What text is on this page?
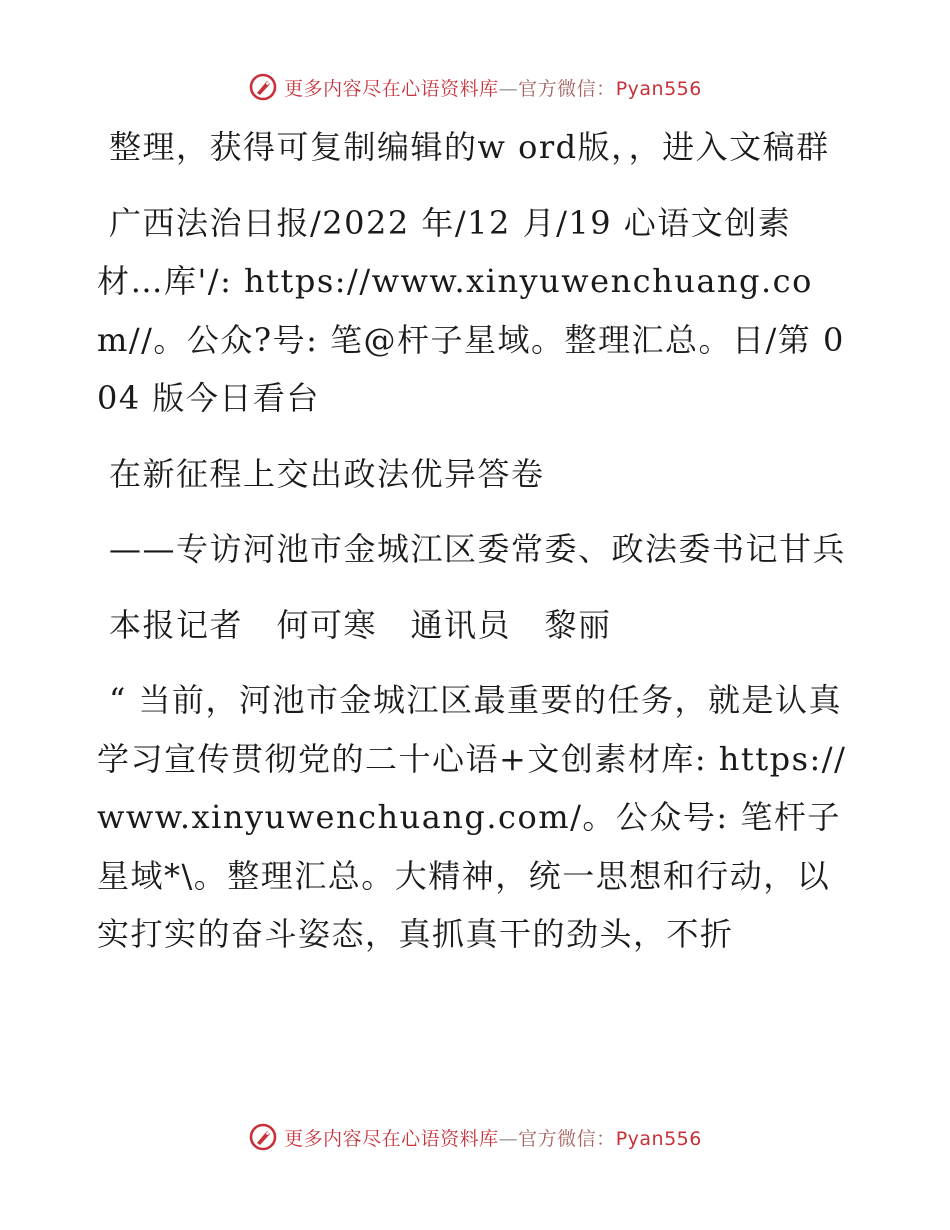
更多内容尽在心语资料库—官方微信：Pyan556

整理，获得可复制编辑的w ord版，，进入文稿群

广西法治日报/2022 年/12 月/19 心语文创素材…库'/: https://www.xinyuwenchuang.com//。公众?号: 笔@杆子星域。整理汇总。日/第 004 版今日看台

在新征程上交出政法优异答卷

——专访河池市金城江区委常委、政法委书记甘兵

本报记者　何可寒　通讯员　黎丽

“ 当前，河池市金城江区最重要的任务，就是认真学习宣传贯彻党的二十心语+文创素材库: https://www.xinyuwenchuang.com/。公众号: 笔杆子星域*\。整理汇总。大精神，统一思想和行动，以实打实的奋斗姿态，真抓真干的劲头，不折

更多内容尽在心语资料库—官方微信：Pyan556
